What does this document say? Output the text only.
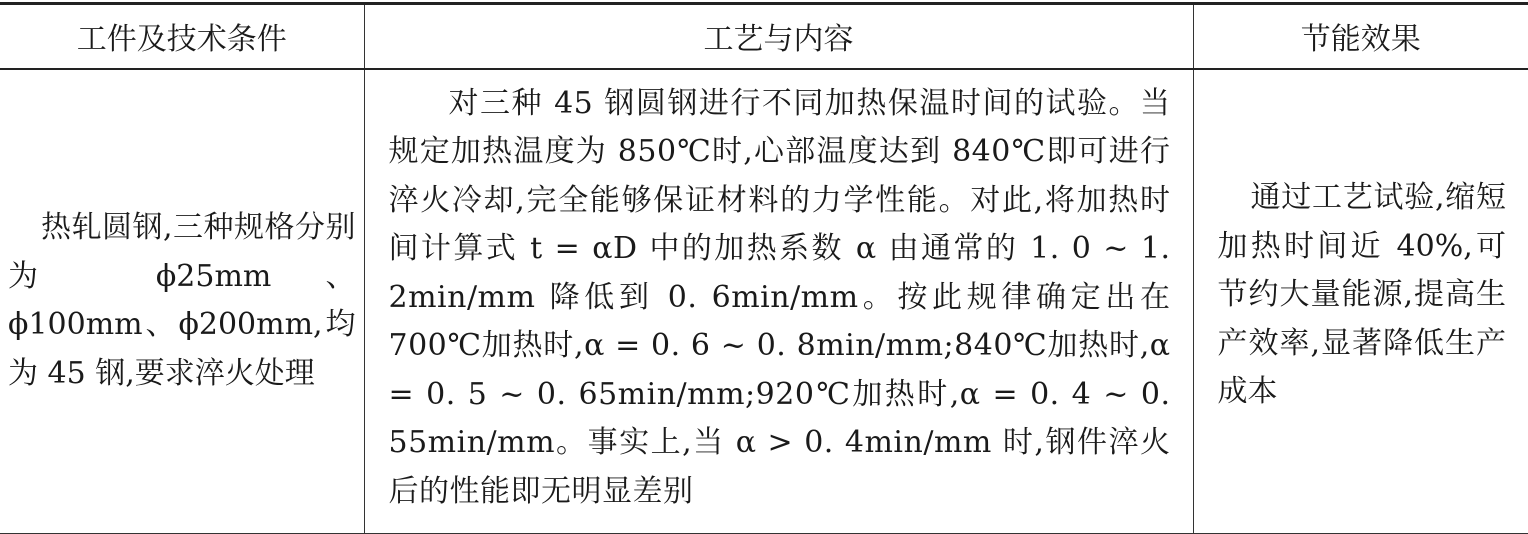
工件及技术条件	工艺与内容	节能效果

热轧圆钢,三种规格分别为 ϕ25mm、ϕ100mm、ϕ200mm,均为 45 钢,要求淬火处理	对三种 45 钢圆钢进行不同加热保温时间的试验。当规定加热温度为 850℃时,心部温度达到 840℃即可进行淬火冷却,完全能够保证材料的力学性能。对此,将加热时间计算式 t = αD 中的加热系数 α 由通常的 1. 0 ~ 1. 2min/mm 降低到 0. 6min/mm。按此规律确定出在 700℃加热时,α = 0. 6 ~ 0. 8min/mm;840℃加热时,α = 0. 5 ~ 0. 65min/mm;920℃加热时,α = 0. 4 ~ 0. 55min/mm。事实上,当 α > 0. 4min/mm 时,钢件淬火后的性能即无明显差别	通过工艺试验,缩短加热时间近 40%,可节约大量能源,提高生产效率,显著降低生产成本
